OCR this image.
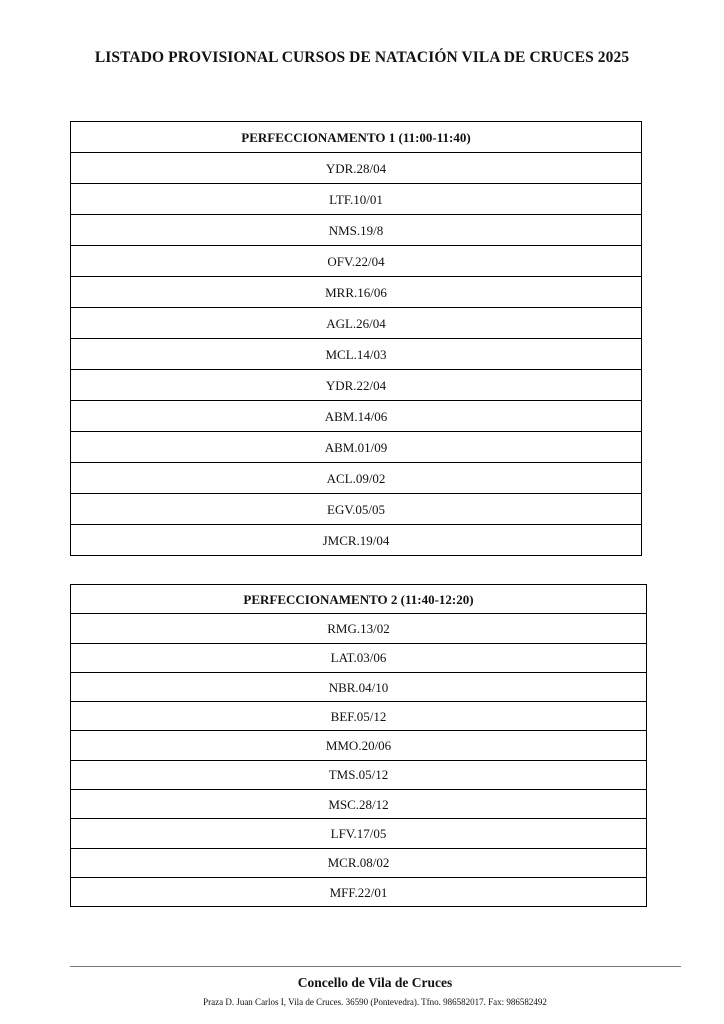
LISTADO PROVISIONAL CURSOS DE NATACIÓN VILA DE CRUCES 2025
PERFECCIONAMENTO 1 (11:00-11:40)
YDR.28/04
LTF.10/01
NMS.19/8
OFV.22/04
MRR.16/06
AGL.26/04
MCL.14/03
YDR.22/04
ABM.14/06
ABM.01/09
ACL.09/02
EGV.05/05
JMCR.19/04
PERFECCIONAMENTO 2 (11:40-12:20)
RMG.13/02
LAT.03/06
NBR.04/10
BEF.05/12
MMO.20/06
TMS.05/12
MSC.28/12
LFV.17/05
MCR.08/02
MFF.22/01
Concello de Vila de Cruces
Praza D. Juan Carlos I, Vila de Cruces. 36590 (Pontevedra). Tfno. 986582017. Fax: 986582492
